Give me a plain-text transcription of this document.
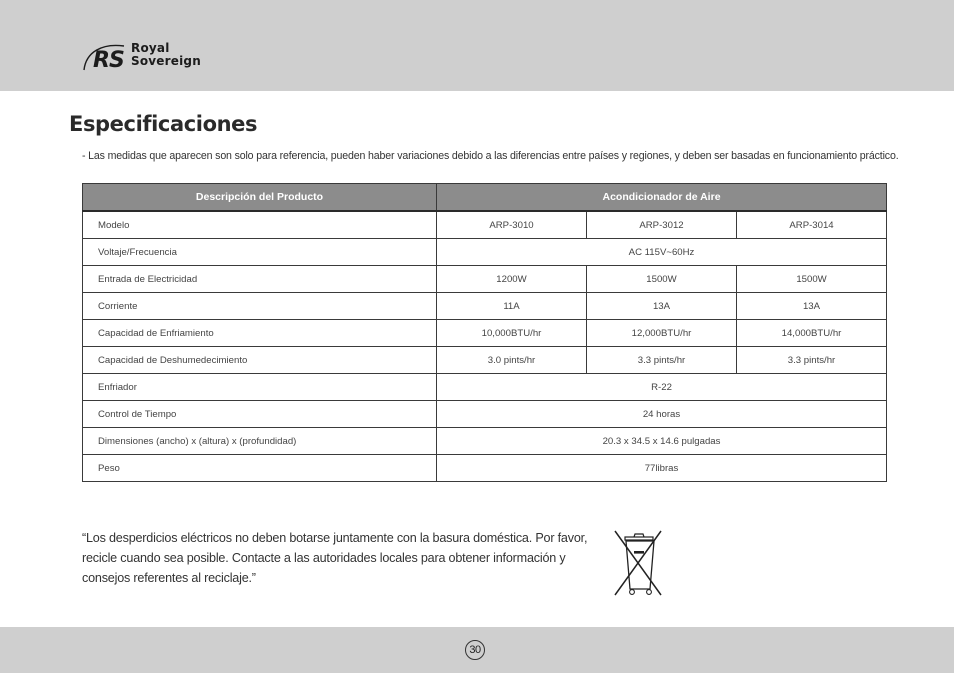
RS Royal
Sovereign
Especificaciones
- Las medidas que aparecen son solo para referencia, pueden haber variaciones debido a las diferencias entre países y regiones, y deben ser basadas en funcionamiento práctico.
Descripción del Producto	Acondicionador de Aire		
Modelo	ARP-3010	ARP-3012	ARP-3014
Voltaje/Frecuencia	AC 115V~60Hz		
Entrada de Electricidad	1200W	1500W	1500W
Corriente	11A	13A	13A
Capacidad de Enfriamiento	10,000BTU/hr	12,000BTU/hr	14,000BTU/hr
Capacidad de Deshumedecimiento	3.0 pints/hr	3.3 pints/hr	3.3 pints/hr
Enfriador	R-22		
Control de Tiempo	24 horas		
Dimensiones (ancho) x (altura) x (profundidad)	20.3 x 34.5 x 14.6 pulgadas		
Peso	77libras		
“Los desperdicios eléctricos no deben botarse juntamente con la basura doméstica. Por favor, recicle cuando sea posible. Contacte a las autoridades locales para obtener información y consejos referentes al reciclaje.”
30
